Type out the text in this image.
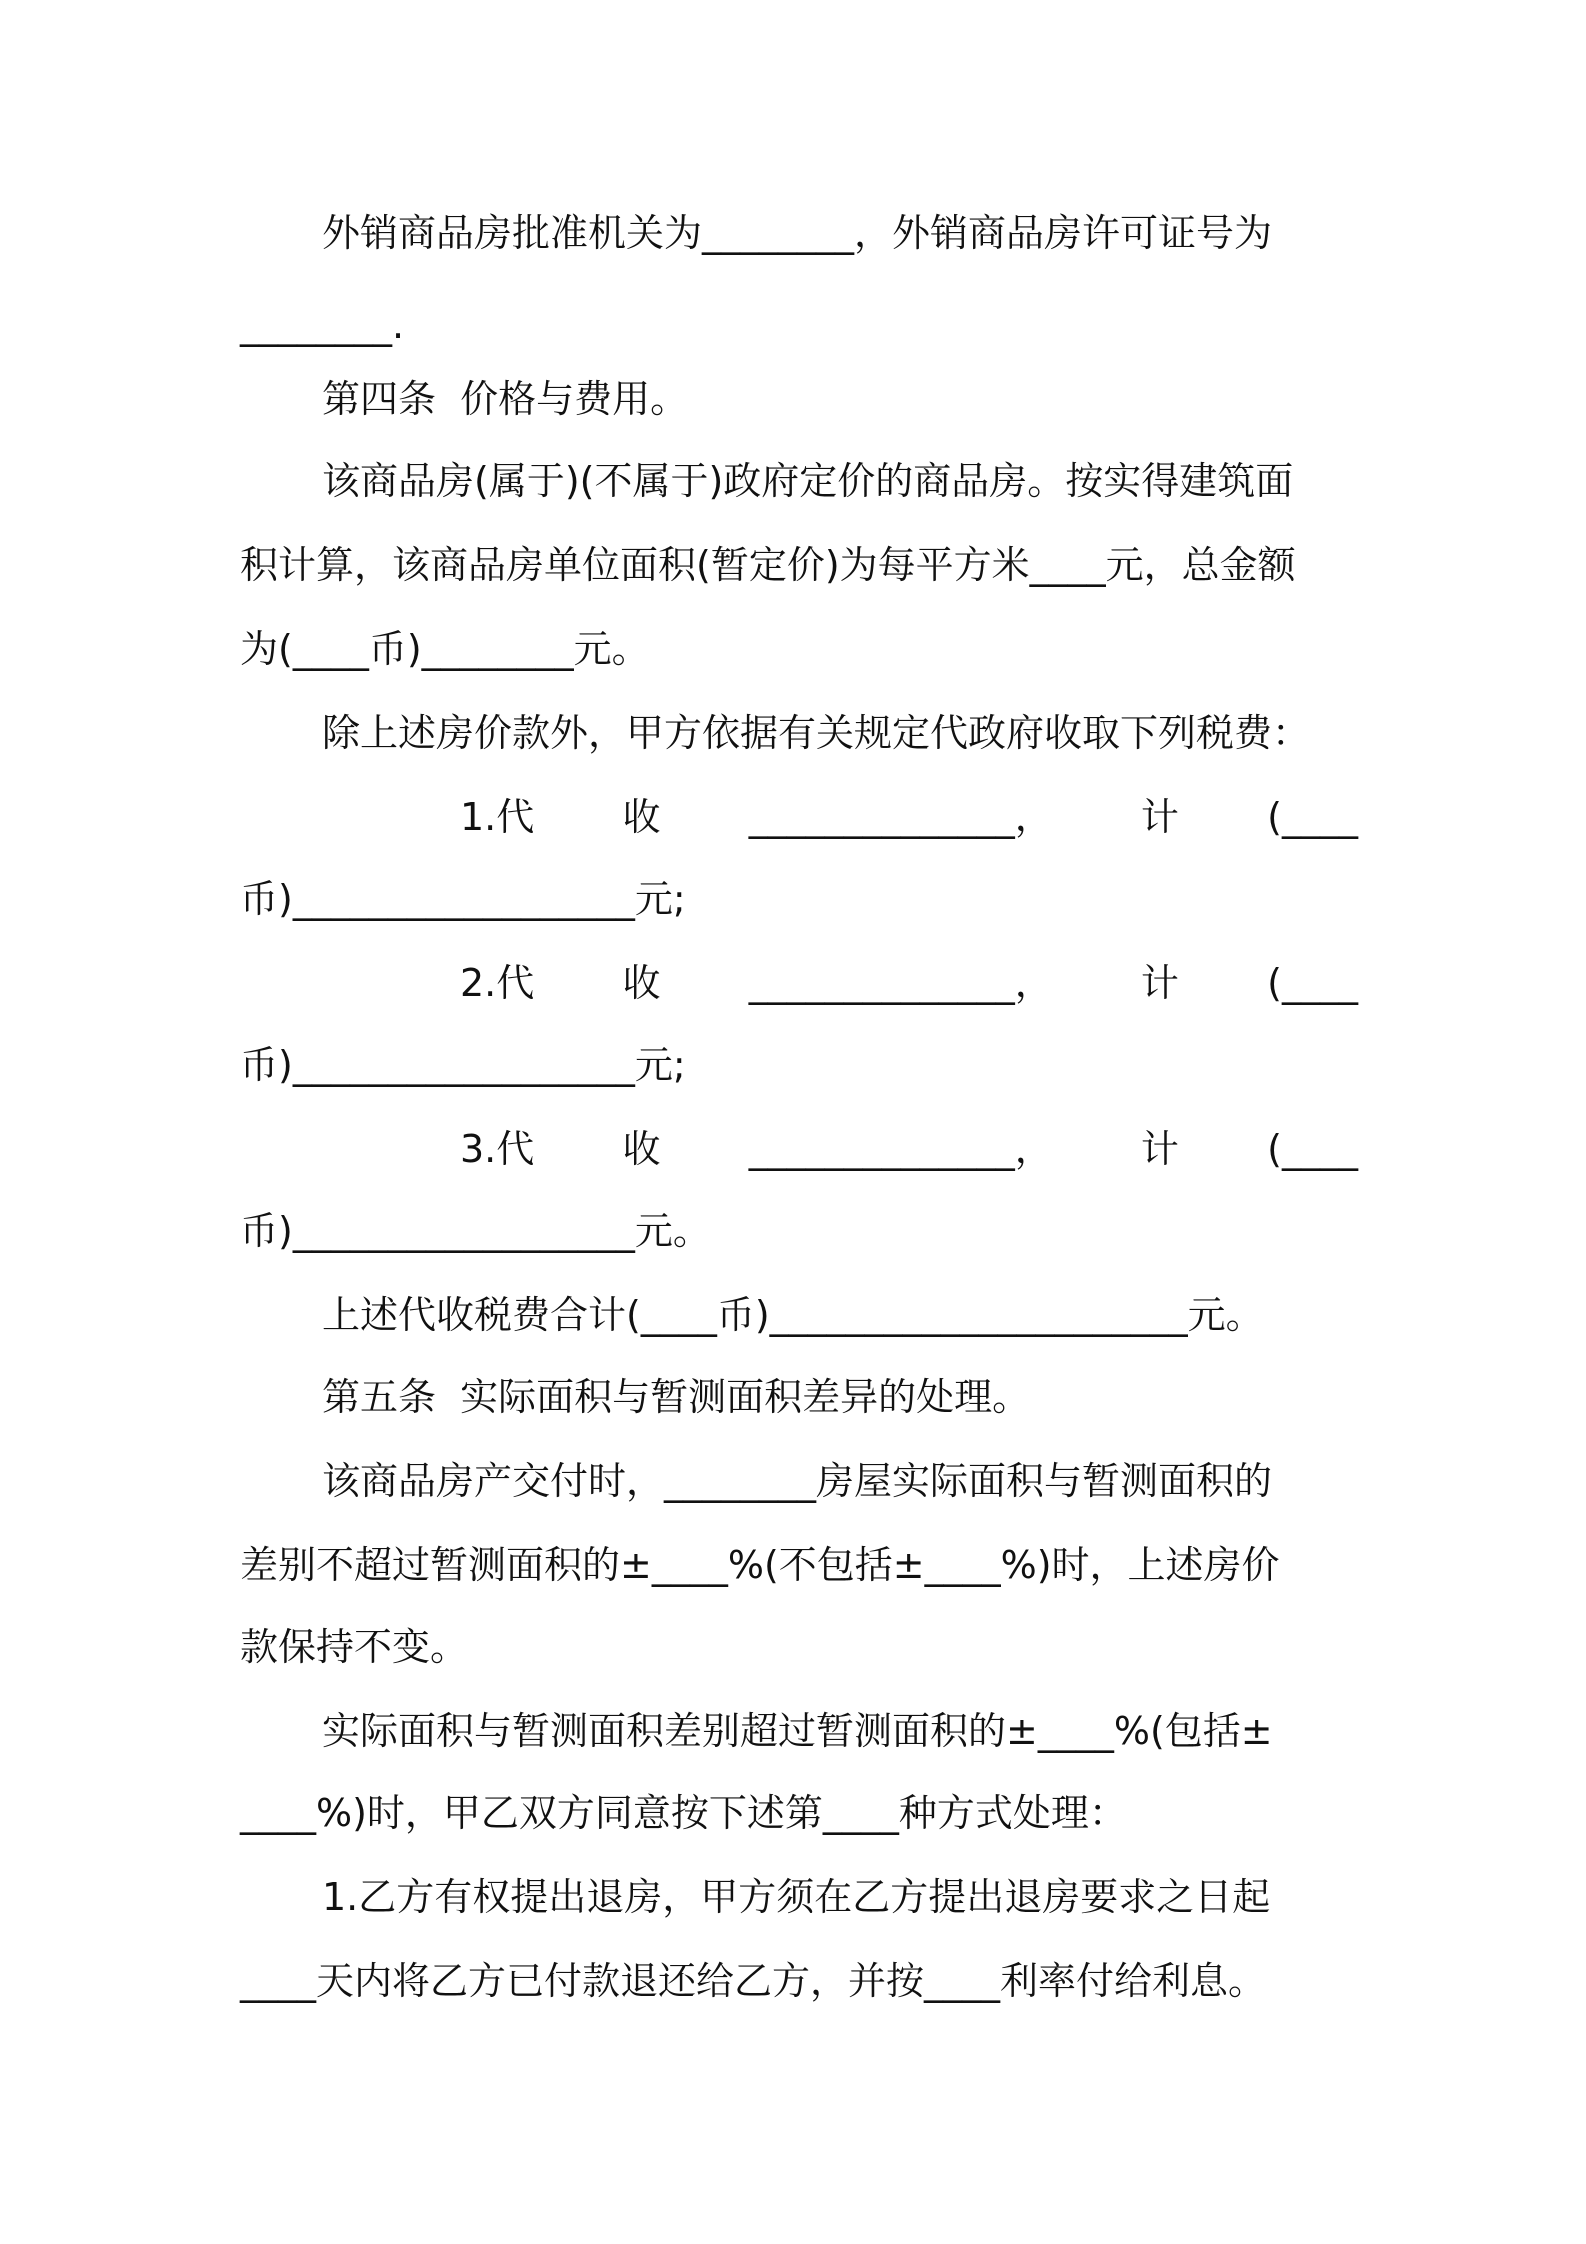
外销商品房批准机关为________，外销商品房许可证号为
________.
第四条  价格与费用。
该商品房(属于)(不属于)政府定价的商品房。按实得建筑面
积计算，该商品房单位面积(暂定价)为每平方米____元，总金额
为(____币)________元。
除上述房价款外，甲方依据有关规定代政府收取下列税费：
1.代 收 ______________， 计 (____
币)__________________元;
2.代 收 ______________， 计 (____
币)__________________元;
3.代 收 ______________， 计 (____
币)__________________元。
上述代收税费合计(____币)______________________元。
第五条  实际面积与暂测面积差异的处理。
该商品房产交付时，________房屋实际面积与暂测面积的
差别不超过暂测面积的±____%(不包括±____%)时，上述房价
款保持不变。
实际面积与暂测面积差别超过暂测面积的±____%(包括±
____%)时，甲乙双方同意按下述第____种方式处理：
1.乙方有权提出退房，甲方须在乙方提出退房要求之日起
____天内将乙方已付款退还给乙方，并按____利率付给利息。
